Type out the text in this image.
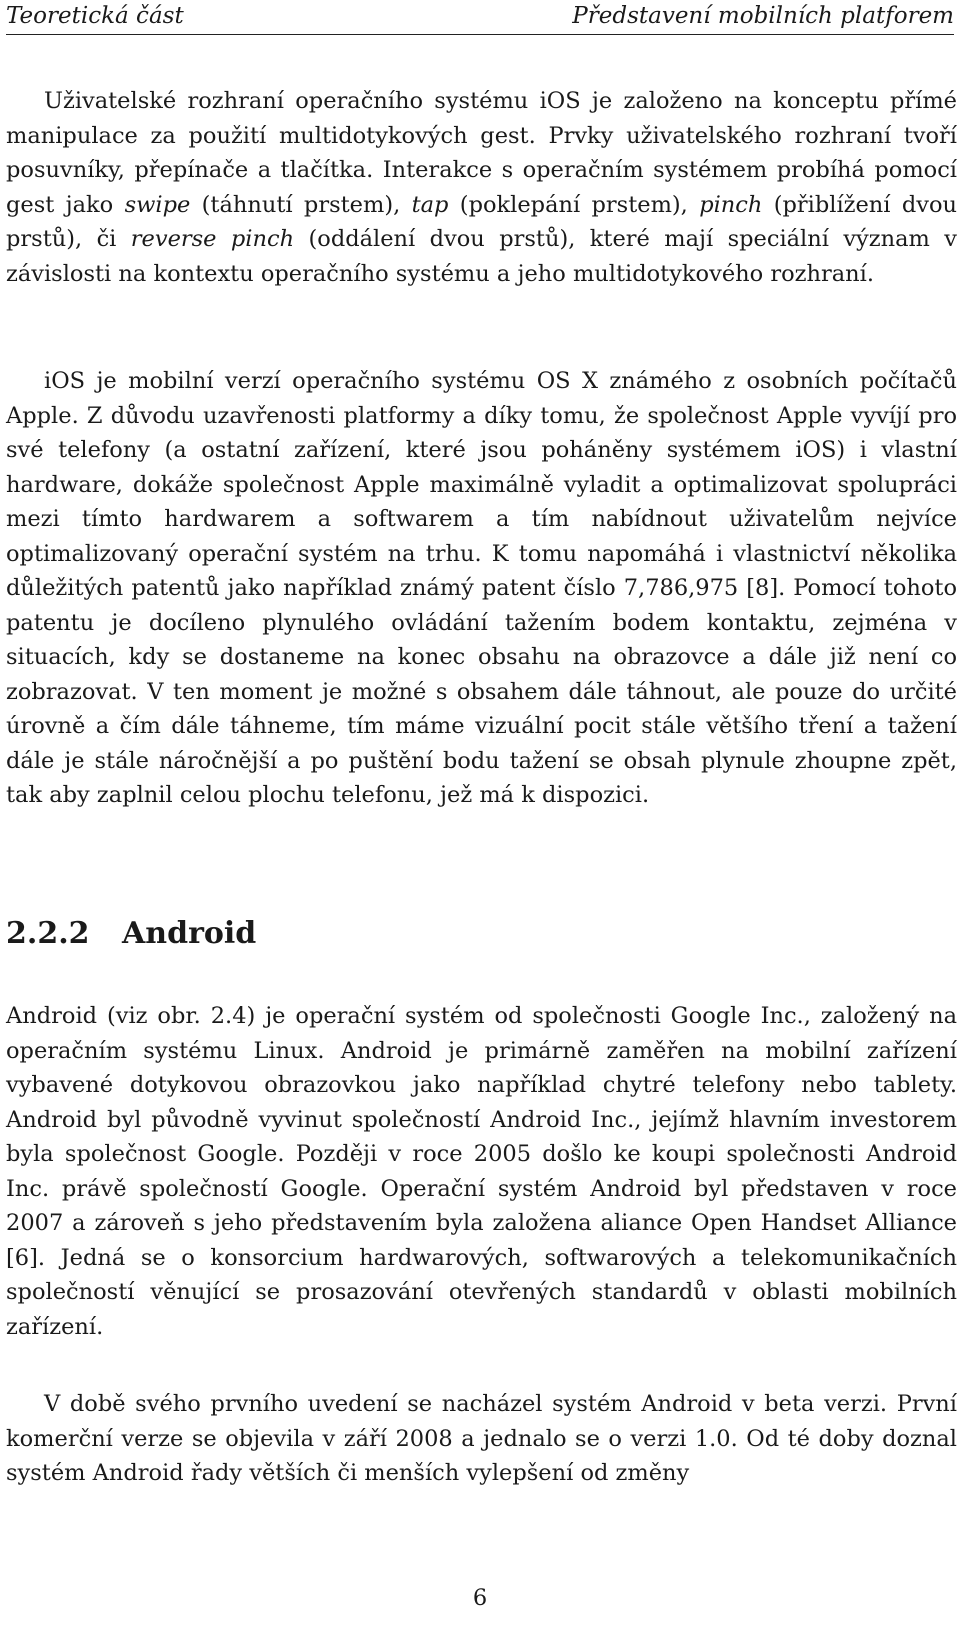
Teoretická část	Představení mobilních platforem

Uživatelské rozhraní operačního systému iOS je založeno na konceptu přímé manipulace za použití multidotykových gest. Prvky uživatelského rozhraní tvoří posuvníky, přepínače a tlačítka. Interakce s operačním systémem probíhá pomocí gest jako swipe (táhnutí prstem), tap (poklepání prstem), pinch (přiblížení dvou prstů), či reverse pinch (oddálení dvou prstů), které mají speciální význam v závislosti na kontextu operačního systému a jeho multidotykového rozhraní.

iOS je mobilní verzí operačního systému OS X známého z osobních počítačů Apple. Z důvodu uzavřenosti platformy a díky tomu, že společnost Apple vyvíjí pro své telefony (a ostatní zařízení, které jsou poháněny systémem iOS) i vlastní hardware, dokáže společnost Apple maximálně vyladit a optimalizovat spolupráci mezi tímto hardwarem a softwarem a tím nabídnout uživatelům nejvíce optimalizovaný operační systém na trhu. K tomu napomáhá i vlastnictví několika důležitých patentů jako například známý patent číslo 7,786,975 [8]. Pomocí tohoto patentu je docíleno plynulého ovládání tažením bodem kontaktu, zejména v situacích, kdy se dostaneme na konec obsahu na obrazovce a dále již není co zobrazovat. V ten moment je možné s obsahem dále táhnout, ale pouze do určité úrovně a čím dále táhneme, tím máme vizuální pocit stále většího tření a tažení dále je stále náročnější a po puštění bodu tažení se obsah plynule zhoupne zpět, tak aby zaplnil celou plochu telefonu, jež má k dispozici.

2.2.2 Android

Android (viz obr. 2.4) je operační systém od společnosti Google Inc., založený na operačním systému Linux. Android je primárně zaměřen na mobilní zařízení vybavené dotykovou obrazovkou jako například chytré telefony nebo tablety. Android byl původně vyvinut společností Android Inc., jejímž hlavním investorem byla společnost Google. Později v roce 2005 došlo ke koupi společnosti Android Inc. právě společností Google. Operační systém Android byl představen v roce 2007 a zároveň s jeho představením byla založena aliance Open Handset Alliance [6]. Jedná se o konsorcium hardwarových, softwarových a telekomunikačních společností věnující se prosazování otevřených standardů v oblasti mobilních zařízení.

V době svého prvního uvedení se nacházel systém Android v beta verzi. První komerční verze se objevila v září 2008 a jednalo se o verzi 1.0. Od té doby doznal systém Android řady větších či menších vylepšení od změny

6
